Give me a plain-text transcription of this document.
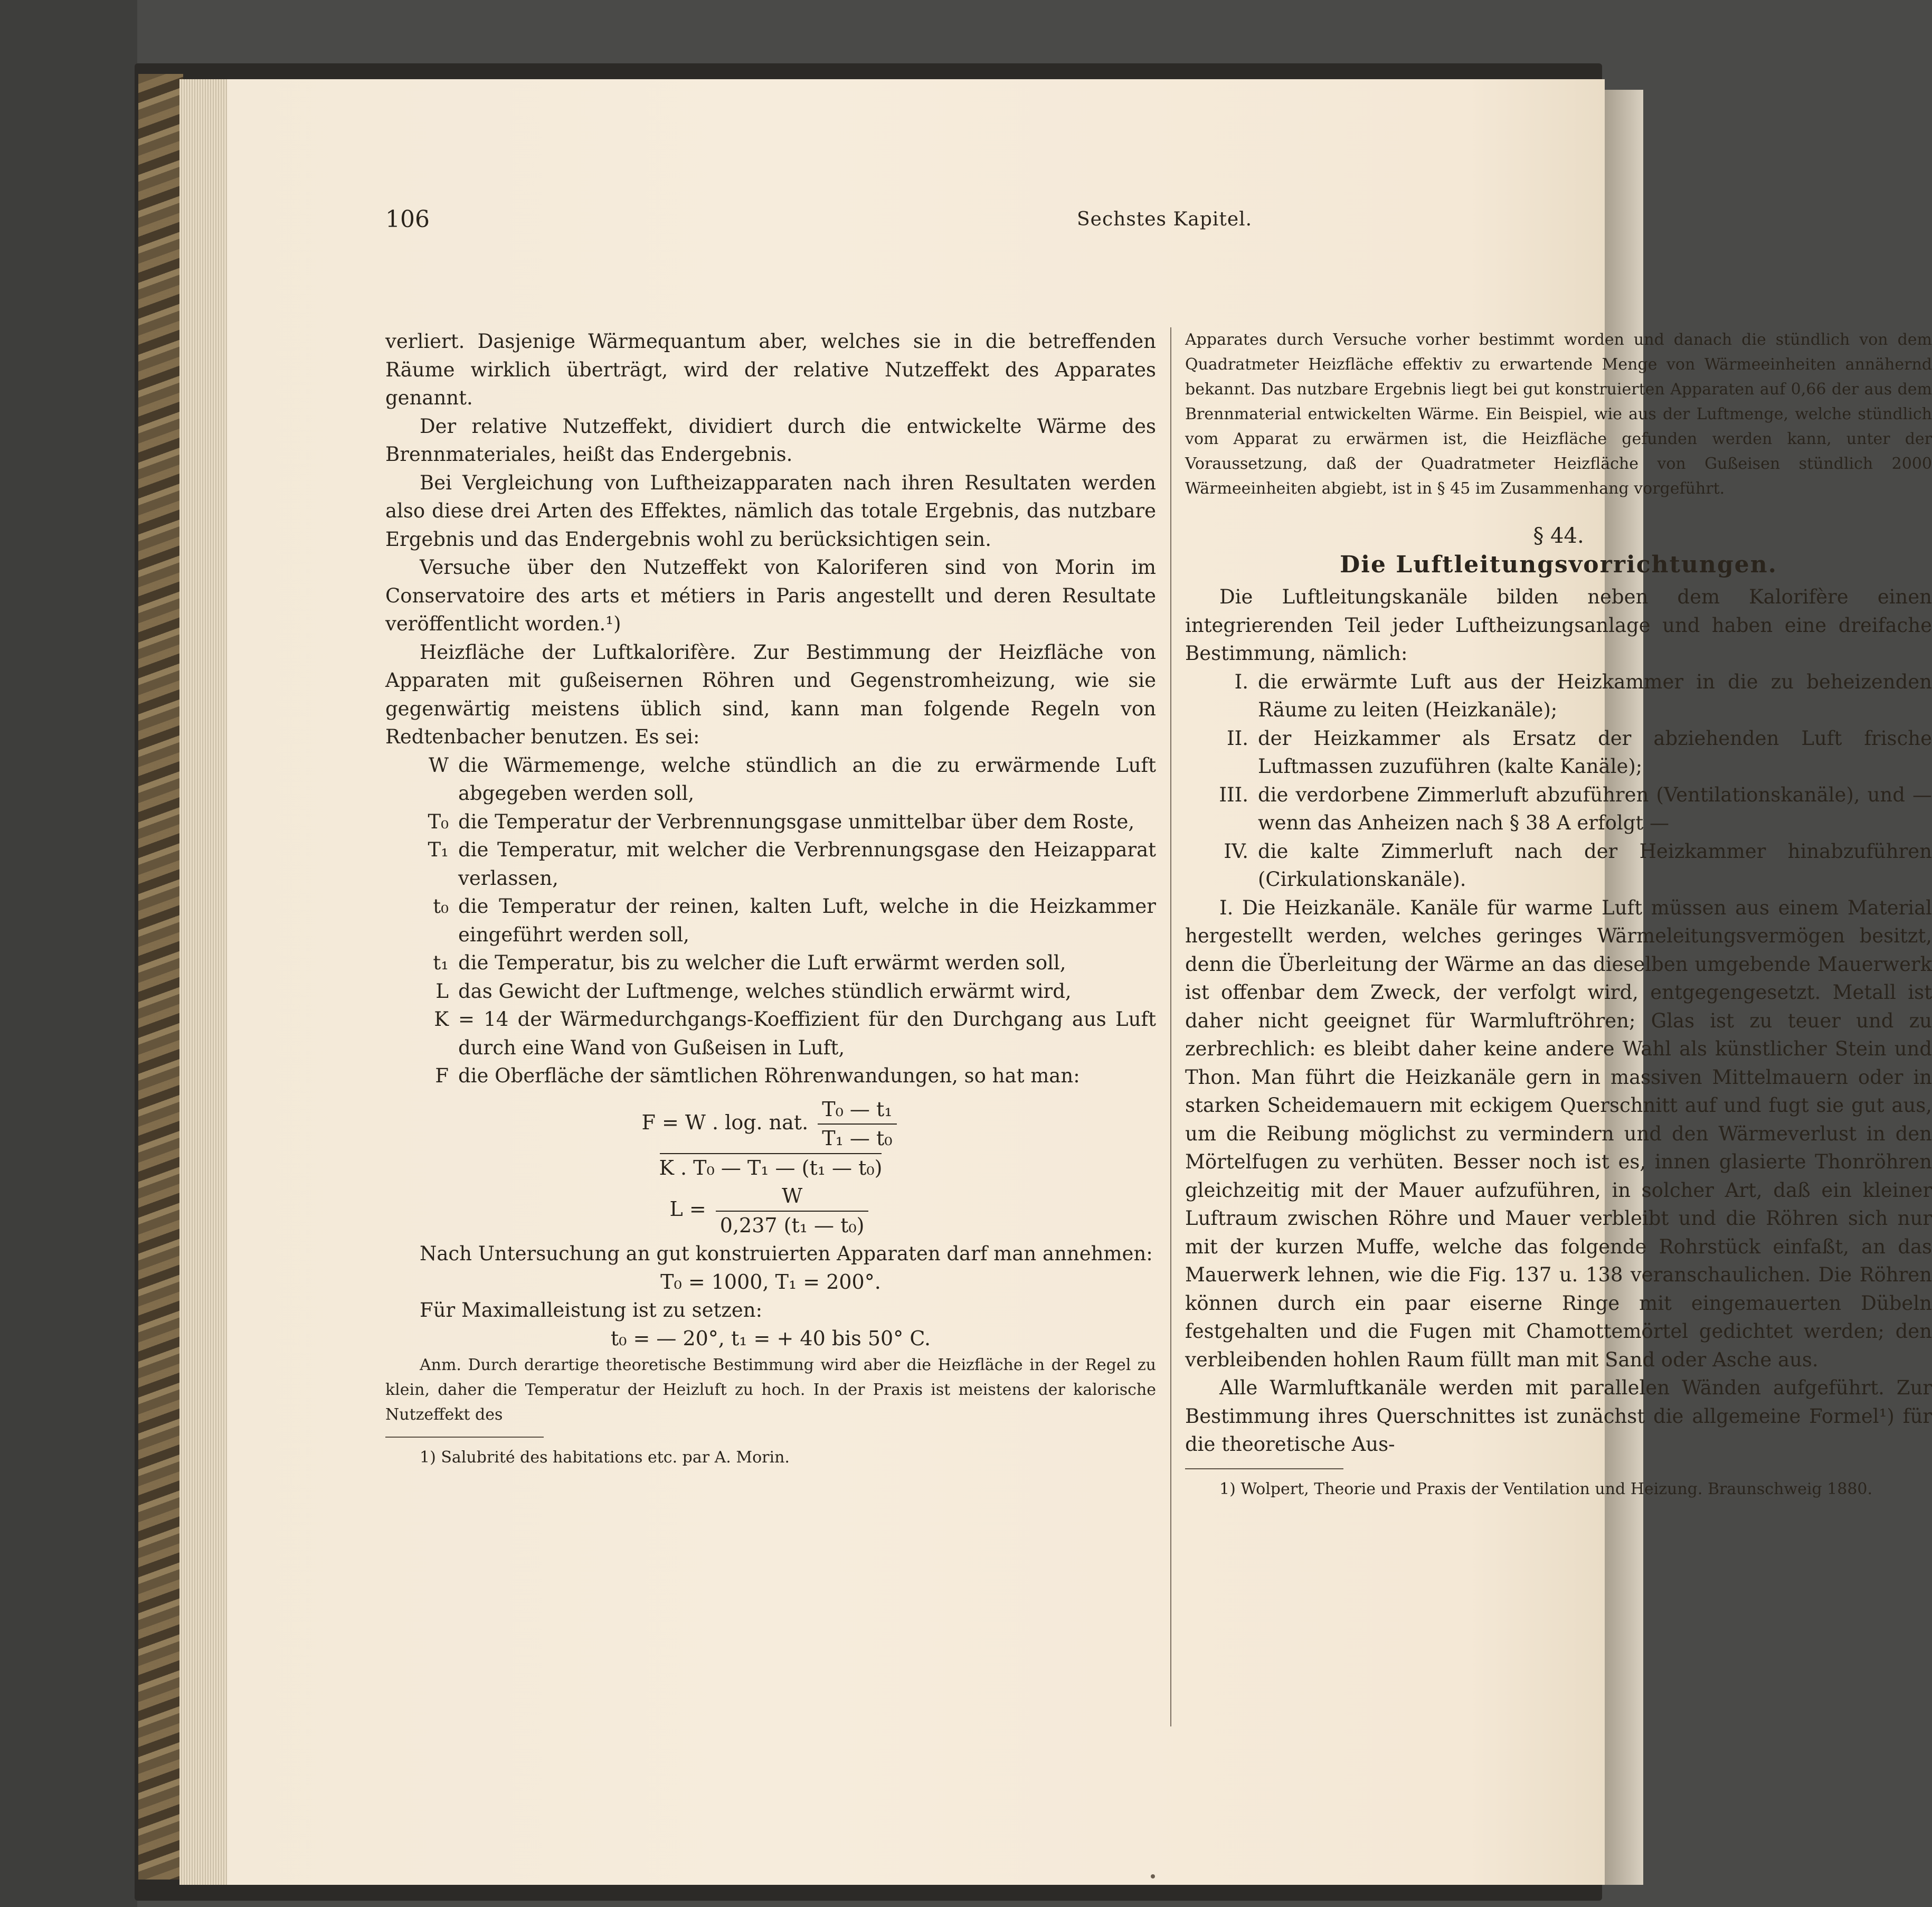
106	Sechstes Kapitel.

verliert. Dasjenige Wärmequantum aber, welches sie in die betreffenden Räume wirklich überträgt, wird der relative Nutzeffekt des Apparates genannt.

Der relative Nutzeffekt, dividiert durch die entwickelte Wärme des Brennmateriales, heißt das Endergebnis.

Bei Vergleichung von Luftheizapparaten nach ihren Resultaten werden also diese drei Arten des Effektes, nämlich das totale Ergebnis, das nutzbare Ergebnis und das Endergebnis wohl zu berücksichtigen sein.

Versuche über den Nutzeffekt von Kaloriferen sind von Morin im Conservatoire des arts et métiers in Paris angestellt und deren Resultate veröffentlicht worden.¹)

Heizfläche der Luftkalorifère. Zur Bestimmung der Heizfläche von Apparaten mit gußeisernen Röhren und Gegenstromheizung, wie sie gegenwärtig meistens üblich sind, kann man folgende Regeln von Redtenbacher benutzen. Es sei:

W die Wärmemenge, welche stündlich an die zu erwärmende Luft abgegeben werden soll,
T₀ die Temperatur der Verbrennungsgase unmittelbar über dem Roste,
T₁ die Temperatur, mit welcher die Verbrennungsgase den Heizapparat verlassen,
t₀ die Temperatur der reinen, kalten Luft, welche in die Heizkammer eingeführt werden soll,
t₁ die Temperatur, bis zu welcher die Luft erwärmt werden soll,
L das Gewicht der Luftmenge, welches stündlich erwärmt wird,
K = 14 der Wärmedurchgangs-Koeffizient für den Durchgang aus Luft durch eine Wand von Gußeisen in Luft,
F die Oberfläche der sämtlichen Röhrenwandungen, so hat man:
F = W . log. nat. $\frac{\text{T₀ — t₁}}{\text{T₁ — t₀}}$
K . T₀ — T₁ — (t₁ — t₀)
$L = \frac{W}{\text{0,237 (t₁ — t₀)}}$

Nach Untersuchung an gut konstruierten Apparaten darf man annehmen:

T₀ = 1000, T₁ = 200°.

Für Maximalleistung ist zu setzen:

t₀ = — 20°, t₁ = + 40 bis 50° C.

Anm. Durch derartige theoretische Bestimmung wird aber die Heizfläche in der Regel zu klein, daher die Temperatur der Heizluft zu hoch. In der Praxis ist meistens der kalorische Nutzeffekt des

1) Salubrité des habitations etc. par A. Morin.

Apparates durch Versuche vorher bestimmt worden und danach die stündlich von dem Quadratmeter Heizfläche effektiv zu erwartende Menge von Wärmeeinheiten annähernd bekannt. Das nutzbare Ergebnis liegt bei gut konstruierten Apparaten auf 0,66 der aus dem Brennmaterial entwickelten Wärme. Ein Beispiel, wie aus der Luftmenge, welche stündlich vom Apparat zu erwärmen ist, die Heizfläche gefunden werden kann, unter der Voraussetzung, daß der Quadratmeter Heizfläche von Gußeisen stündlich 2000 Wärmeeinheiten abgiebt, ist in § 45 im Zusammenhang vorgeführt.

§ 44.
Die Luftleitungsvorrichtungen.

Die Luftleitungskanäle bilden neben dem Kalorifère einen integrierenden Teil jeder Luftheizungsanlage und haben eine dreifache Bestimmung, nämlich:

I. die erwärmte Luft aus der Heizkammer in die zu beheizenden Räume zu leiten (Heizkanäle);
II. der Heizkammer als Ersatz der abziehenden Luft frische Luftmassen zuzuführen (kalte Kanäle);
III. die verdorbene Zimmerluft abzuführen (Ventilationskanäle), und — wenn das Anheizen nach § 38 A erfolgt —
IV. die kalte Zimmerluft nach der Heizkammer hinabzuführen (Cirkulationskanäle).

I. Die Heizkanäle. Kanäle für warme Luft müssen aus einem Material hergestellt werden, welches geringes Wärmeleitungsvermögen besitzt, denn die Überleitung der Wärme an das dieselben umgebende Mauerwerk ist offenbar dem Zweck, der verfolgt wird, entgegengesetzt. Metall ist daher nicht geeignet für Warmluftröhren; Glas ist zu teuer und zu zerbrechlich: es bleibt daher keine andere Wahl als künstlicher Stein und Thon. Man führt die Heizkanäle gern in massiven Mittelmauern oder in starken Scheidemauern mit eckigem Querschnitt auf und fugt sie gut aus, um die Reibung möglichst zu vermindern und den Wärmeverlust in den Mörtelfugen zu verhüten. Besser noch ist es, innen glasierte Thonröhren gleichzeitig mit der Mauer aufzuführen, in solcher Art, daß ein kleiner Luftraum zwischen Röhre und Mauer verbleibt und die Röhren sich nur mit der kurzen Muffe, welche das folgende Rohrstück einfaßt, an das Mauerwerk lehnen, wie die Fig. 137 u. 138 veranschaulichen. Die Röhren können durch ein paar eiserne Ringe mit eingemauerten Dübeln festgehalten und die Fugen mit Chamottemörtel gedichtet werden; den verbleibenden hohlen Raum füllt man mit Sand oder Asche aus.

Alle Warmluftkanäle werden mit parallelen Wänden aufgeführt. Zur Bestimmung ihres Querschnittes ist zunächst die allgemeine Formel¹) für die theoretische Aus-

1) Wolpert, Theorie und Praxis der Ventilation und Heizung. Braunschweig 1880.
